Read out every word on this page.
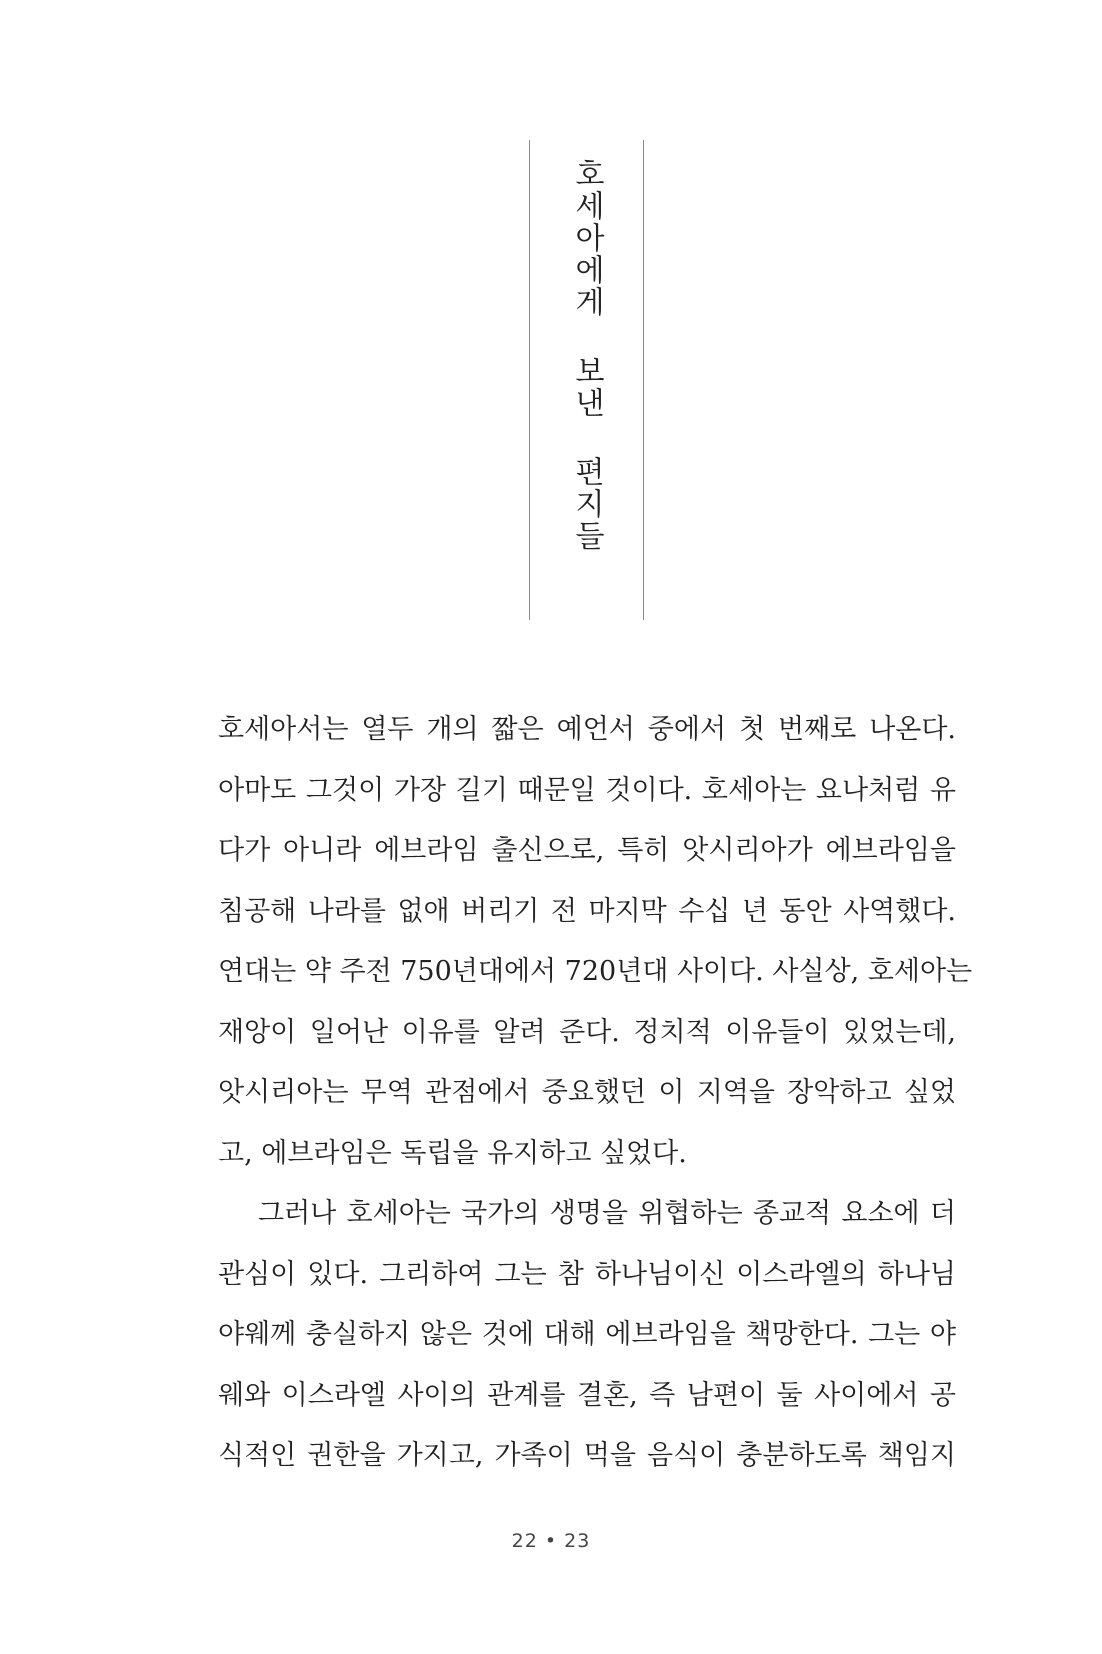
호세아에게 보낸 편지들

호세아서는 열두 개의 짧은 예언서 중에서 첫 번째로 나온다.
아마도 그것이 가장 길기 때문일 것이다. 호세아는 요나처럼 유
다가 아니라 에브라임 출신으로, 특히 앗시리아가 에브라임을
침공해 나라를 없애 버리기 전 마지막 수십 년 동안 사역했다.
연대는 약 주전 750년대에서 720년대 사이다. 사실상, 호세아는
재앙이 일어난 이유를 알려 준다. 정치적 이유들이 있었는데,
앗시리아는 무역 관점에서 중요했던 이 지역을 장악하고 싶었
고, 에브라임은 독립을 유지하고 싶었다.

그러나 호세아는 국가의 생명을 위협하는 종교적 요소에 더
관심이 있다. 그리하여 그는 참 하나님이신 이스라엘의 하나님
야웨께 충실하지 않은 것에 대해 에브라임을 책망한다. 그는 야
웨와 이스라엘 사이의 관계를 결혼, 즉 남편이 둘 사이에서 공
식적인 권한을 가지고, 가족이 먹을 음식이 충분하도록 책임지

22 • 23
